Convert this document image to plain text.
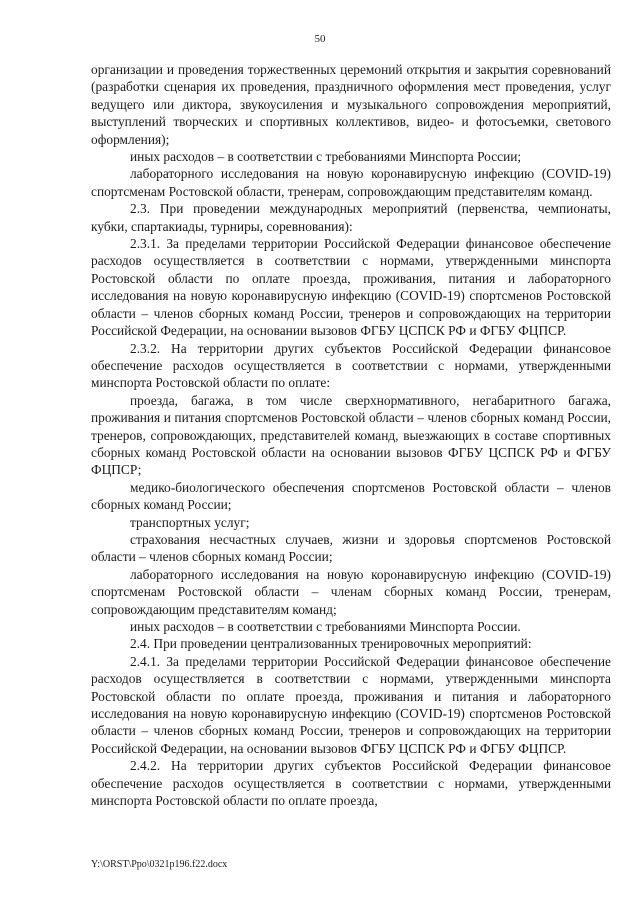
50

организации и проведения торжественных церемоний открытия и закрытия соревнований (разработки сценария их проведения, праздничного оформления мест проведения, услуг ведущего или диктора, звукоусиления и музыкального сопровождения мероприятий, выступлений творческих и спортивных коллективов, видео- и фотосъемки, светового оформления);

иных расходов – в соответствии с требованиями Минспорта России;

лабораторного исследования на новую коронавирусную инфекцию (COVID-19) спортсменам Ростовской области, тренерам, сопровождающим представителям команд.

2.3. При проведении международных мероприятий (первенства, чемпионаты, кубки, спартакиады, турниры, соревнования):

2.3.1. За пределами территории Российской Федерации финансовое обеспечение расходов осуществляется в соответствии с нормами, утвержденными минспорта Ростовской области по оплате проезда, проживания, питания и лабораторного исследования на новую коронавирусную инфекцию (COVID-19) спортсменов Ростовской области – членов сборных команд России, тренеров и сопровождающих на территории Российской Федерации, на основании вызовов ФГБУ ЦСПСК РФ и ФГБУ ФЦПСР.

2.3.2. На территории других субъектов Российской Федерации финансовое обеспечение расходов осуществляется в соответствии с нормами, утвержденными минспорта Ростовской области по оплате:

проезда, багажа, в том числе сверхнормативного, негабаритного багажа, проживания и питания спортсменов Ростовской области – членов сборных команд России, тренеров, сопровождающих, представителей команд, выезжающих в составе спортивных сборных команд Ростовской области на основании вызовов ФГБУ ЦСПСК РФ и ФГБУ ФЦПСР;

медико-биологического обеспечения спортсменов Ростовской области – членов сборных команд России;

транспортных услуг;

страхования несчастных случаев, жизни и здоровья спортсменов Ростовской области – членов сборных команд России;

лабораторного исследования на новую коронавирусную инфекцию (COVID-19) спортсменам Ростовской области – членам сборных команд России, тренерам, сопровождающим представителям команд;

иных расходов – в соответствии с требованиями Минспорта России.

2.4. При проведении централизованных тренировочных мероприятий:

2.4.1. За пределами территории Российской Федерации финансовое обеспечение расходов осуществляется в соответствии с нормами, утвержденными минспорта Ростовской области по оплате проезда, проживания и питания и лабораторного исследования на новую коронавирусную инфекцию (COVID-19) спортсменов Ростовской области – членов сборных команд России, тренеров и сопровождающих на территории Российской Федерации, на основании вызовов ФГБУ ЦСПСК РФ и ФГБУ ФЦПСР.

2.4.2. На территории других субъектов Российской Федерации финансовое обеспечение расходов осуществляется в соответствии с нормами, утвержденными минспорта Ростовской области по оплате проезда,

Y:\ORST\Ppo\0321p196.f22.docx
